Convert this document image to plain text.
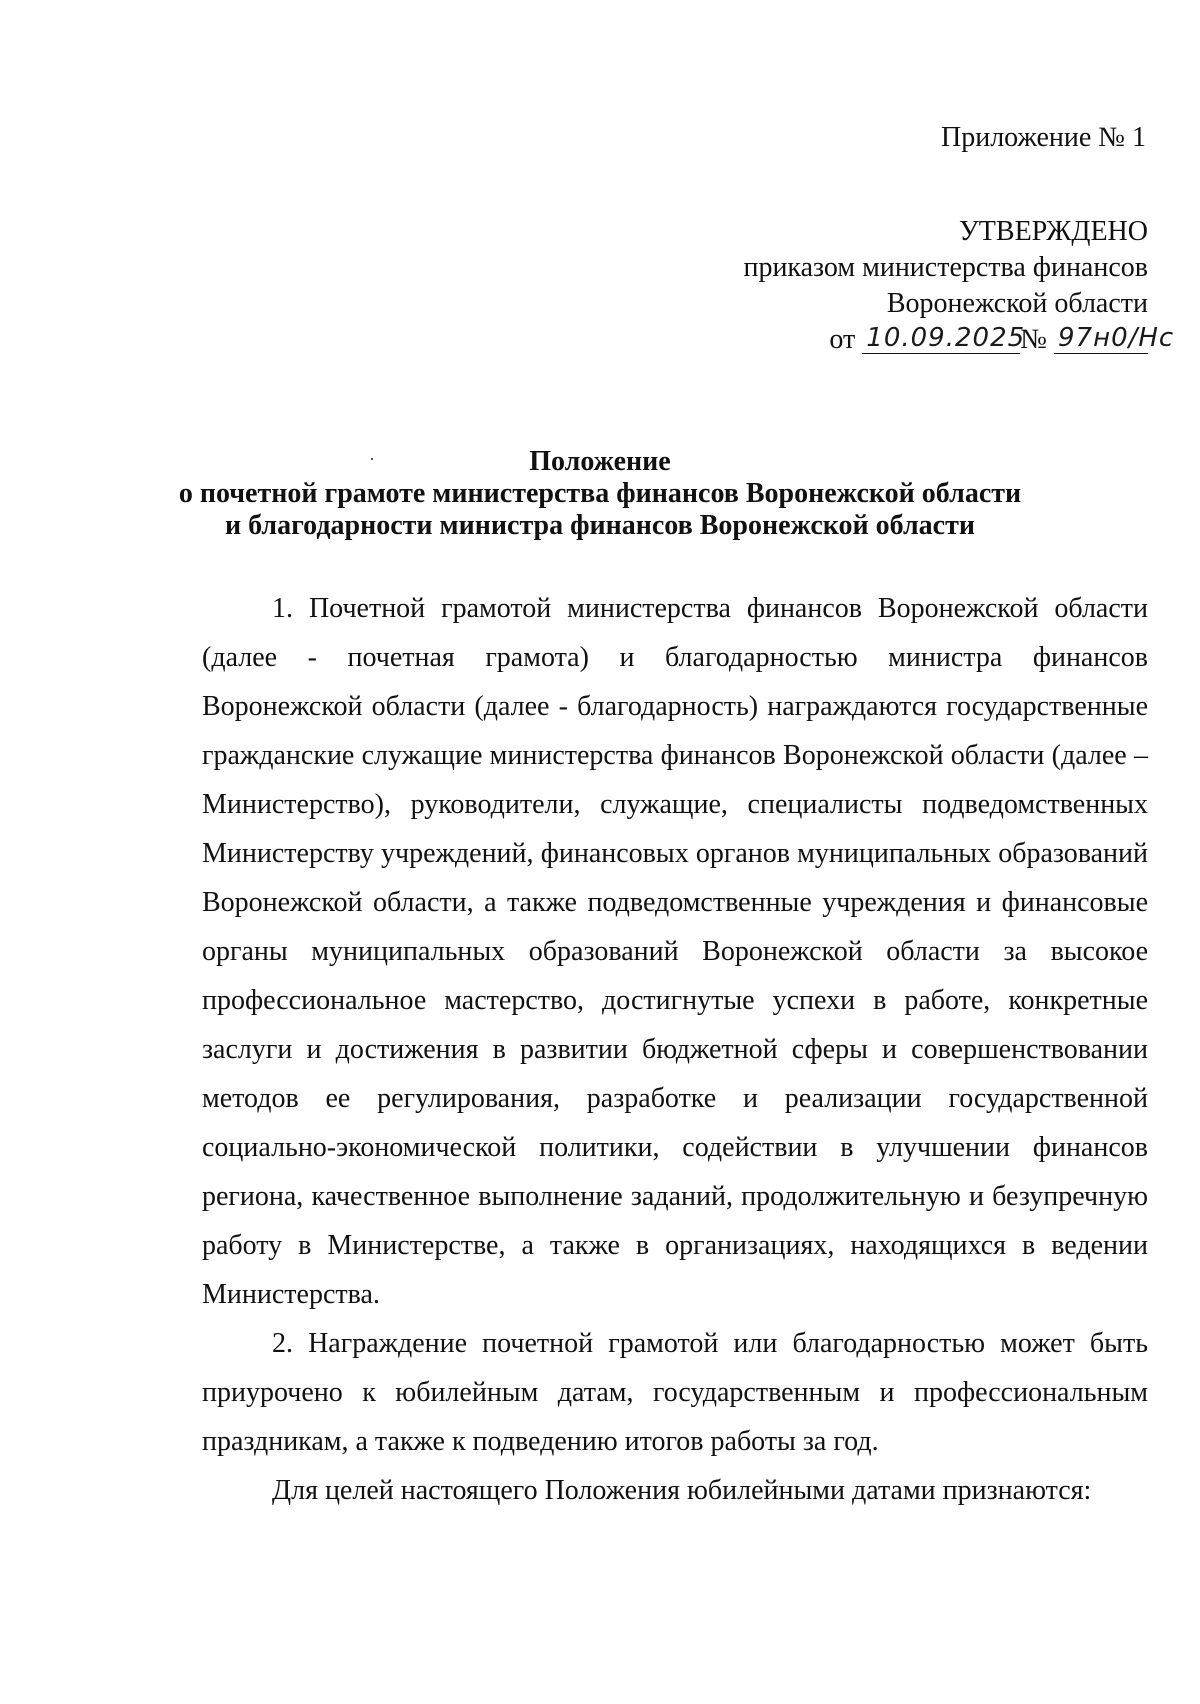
Приложение № 1
УТВЕРЖДЕНО
приказом министерства финансов
Воронежской области
от
10.09.2025
№
97н0/Нс
Положение
о почетной грамоте министерства финансов Воронежской области
и благодарности министра финансов Воронежской области

1. Почетной грамотой министерства финансов Воронежской области (далее - почетная грамота) и благодарностью министра финансов Воронежской области (далее - благодарность) награждаются государственные гражданские служащие министерства финансов Воронежской области (далее – Министерство), руководители, служащие, специалисты подведомственных Министерству учреждений, финансовых органов муниципальных образований Воронежской области, а также подведомственные учреждения и финансовые органы муниципальных образований Воронежской области за высокое профессиональное мастерство, достигнутые успехи в работе, конкретные заслуги и достижения в развитии бюджетной сферы и совершенствовании методов ее регулирования, разработке и реализации государственной социально-экономической политики, содействии в улучшении финансов региона, качественное выполнение заданий, продолжительную и безупречную работу в Министерстве, а также в организациях, находящихся в ведении Министерства.

2. Награждение почетной грамотой или благодарностью может быть приурочено к юбилейным датам, государственным и профессиональным праздникам, а также к подведению итогов работы за год.

Для целей настоящего Положения юбилейными датами признаются:
